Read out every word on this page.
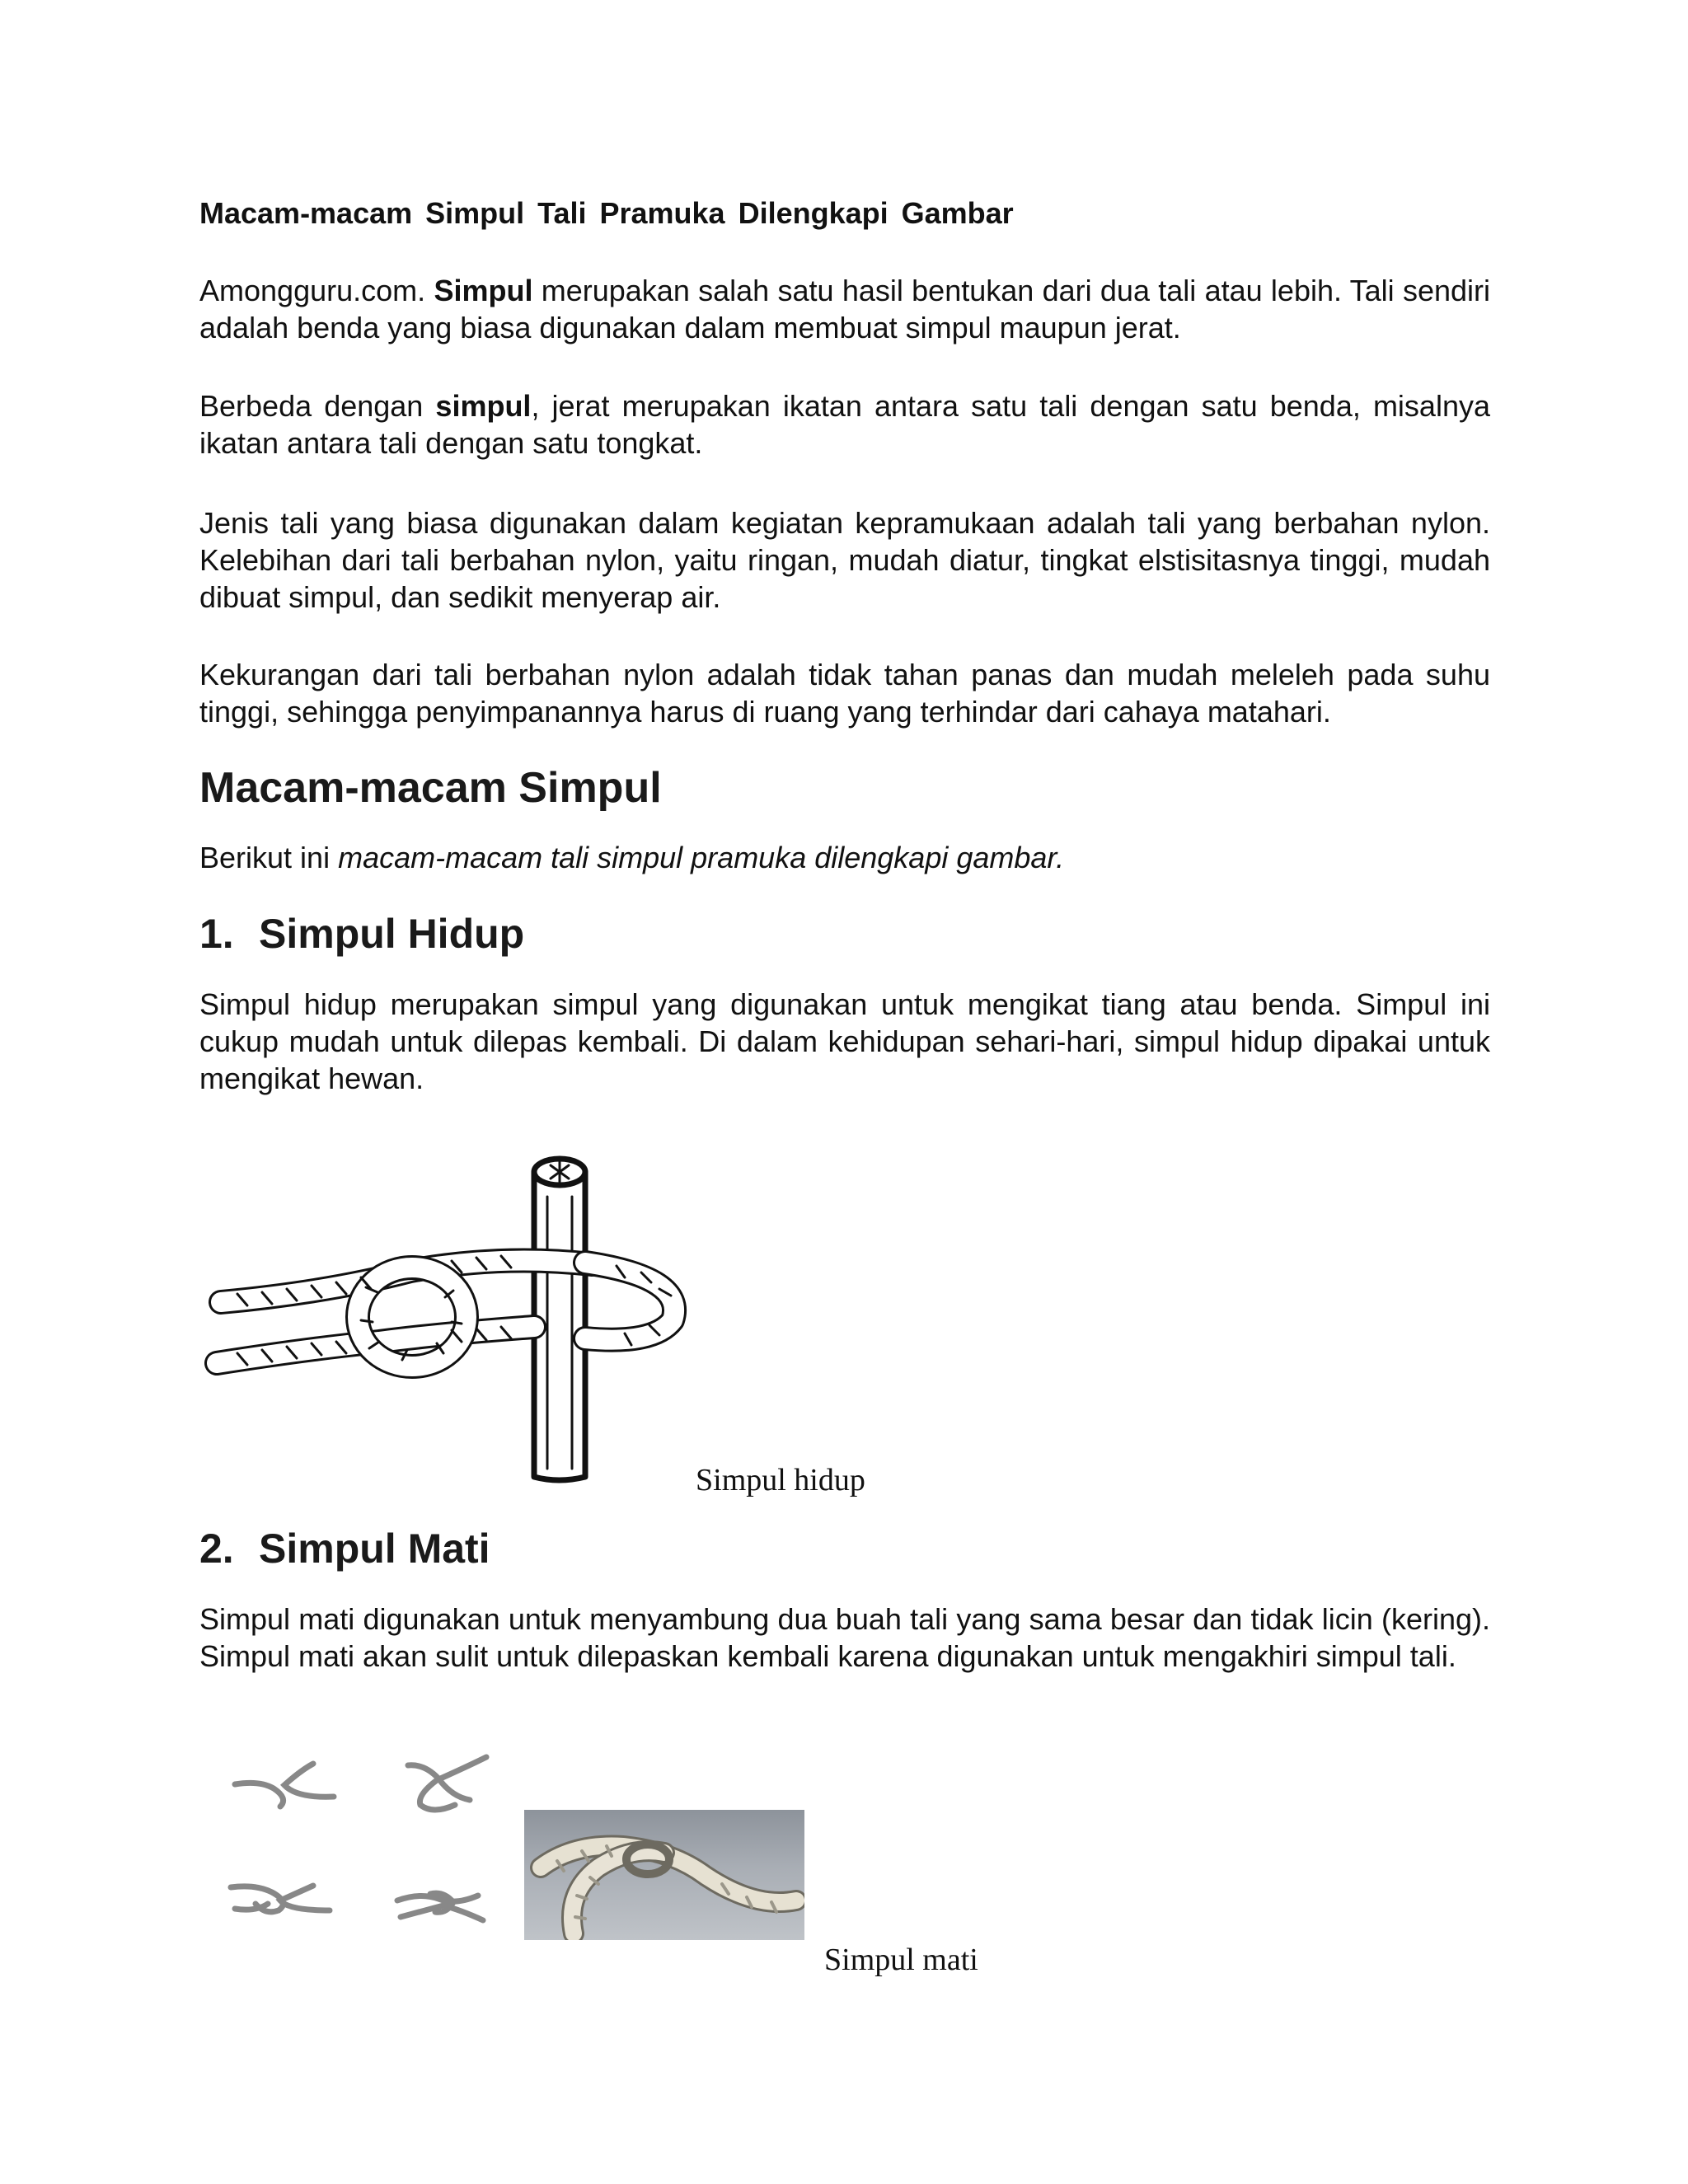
Macam-macam Simpul Tali Pramuka Dilengkapi Gambar

Amongguru.com. Simpul merupakan salah satu hasil bentukan dari dua tali atau lebih. Tali sendiri adalah benda yang biasa digunakan dalam membuat simpul maupun jerat.

Berbeda dengan simpul, jerat merupakan ikatan antara satu tali dengan satu benda, misalnya ikatan antara tali dengan satu tongkat.

Jenis tali yang biasa digunakan dalam kegiatan kepramukaan adalah tali yang berbahan nylon. Kelebihan dari tali berbahan nylon, yaitu ringan, mudah diatur, tingkat elstisitasnya tinggi, mudah dibuat simpul, dan sedikit menyerap air.

Kekurangan dari tali berbahan nylon adalah tidak tahan panas dan mudah meleleh pada suhu tinggi, sehingga penyimpanannya harus di ruang yang terhindar dari cahaya matahari.

Macam-macam Simpul

Berikut ini macam-macam tali simpul pramuka dilengkapi gambar.

1. Simpul Hidup

Simpul hidup merupakan simpul yang digunakan untuk mengikat tiang atau benda. Simpul ini cukup mudah untuk dilepas kembali. Di dalam kehidupan sehari-hari, simpul hidup dipakai untuk mengikat hewan.

2. Simpul Mati

Simpul mati digunakan untuk menyambung dua buah tali yang sama besar dan tidak licin (kering). Simpul mati akan sulit untuk dilepaskan kembali karena digunakan untuk mengakhiri simpul tali.

Simpul hidup

Simpul mati
